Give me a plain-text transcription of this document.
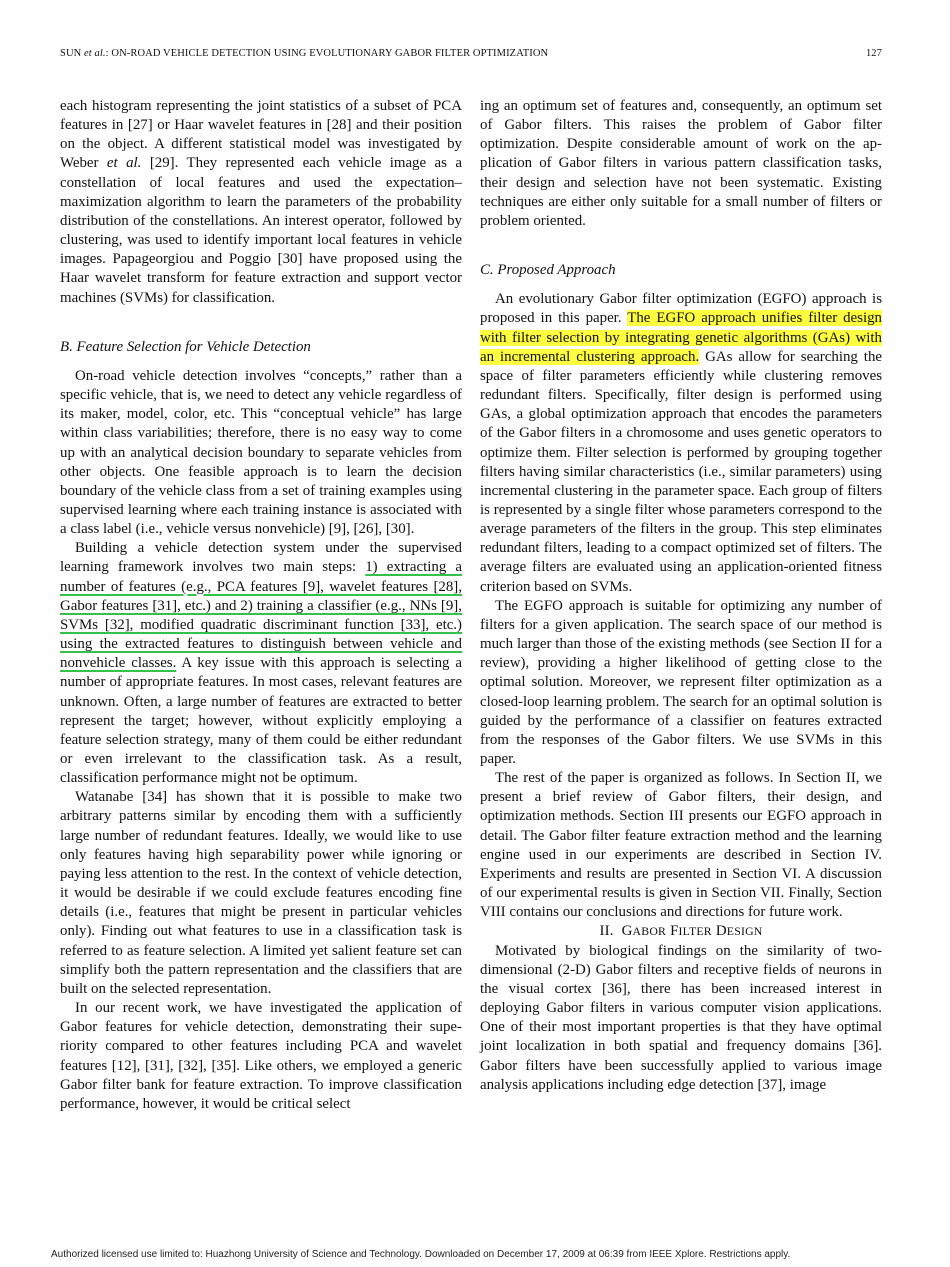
SUN et al.: ON-ROAD VEHICLE DETECTION USING EVOLUTIONARY GABOR FILTER OPTIMIZATION	127

each histogram representing the joint statistics of a subset of PCA features in [27] or Haar wavelet features in [28] and their position on the object. A different statistical model was investigated by Weber et al. [29]. They represented each vehicle image as a constellation of local features and used the expectation–maximization algorithm to learn the parameters of the probability distribution of the constellations. An interest operator, followed by clustering, was used to identify important local features in vehicle images. Papageorgiou and Poggio [30] have proposed using the Haar wavelet transform for feature extraction and support vector machines (SVMs) for classification.

B. Feature Selection for Vehicle Detection

On-road vehicle detection involves “concepts,” rather than a specific vehicle, that is, we need to detect any vehicle regardless of its maker, model, color, etc. This “conceptual vehicle” has large within class variabilities; therefore, there is no easy way to come up with an analytical decision boundary to separate vehicles from other objects. One feasible approach is to learn the decision boundary of the vehicle class from a set of training examples using supervised learning where each training instance is associated with a class label (i.e., vehicle versus nonvehicle) [9], [26], [30].

Building a vehicle detection system under the supervised learning framework involves two main steps: 1) extracting a number of features (e.g., PCA features [9], wavelet features [28], Gabor features [31], etc.) and 2) training a classifier (e.g., NNs [9], SVMs [32], modified quadratic discriminant function [33], etc.) using the extracted features to distinguish between vehicle and nonvehicle classes. A key issue with this approach is selecting a number of appropriate features. In most cases, relevant features are unknown. Often, a large number of features are extracted to better represent the target; however, without explicitly employing a feature selection strategy, many of them could be either redundant or even irrelevant to the classification task. As a result, classification performance might not be optimum.

Watanabe [34] has shown that it is possible to make two arbitrary patterns similar by encoding them with a sufficiently large number of redundant features. Ideally, we would like to use only features having high separability power while ignoring or paying less attention to the rest. In the context of vehicle detection, it would be desirable if we could exclude features encoding fine details (i.e., features that might be present in particular vehicles only). Finding out what features to use in a classification task is referred to as feature selection. A limited yet salient feature set can simplify both the pattern representation and the classifiers that are built on the selected representation.

In our recent work, we have investigated the application of Gabor features for vehicle detection, demonstrating their superiority compared to other features including PCA and wavelet features [12], [31], [32], [35]. Like others, we employed a generic Gabor filter bank for feature extraction. To improve classification performance, however, it would be critical select

ing an optimum set of features and, consequently, an optimum set of Gabor filters. This raises the problem of Gabor filter optimization. Despite considerable amount of work on the application of Gabor filters in various pattern classification tasks, their design and selection have not been systematic. Existing techniques are either only suitable for a small number of filters or problem oriented.

C. Proposed Approach

An evolutionary Gabor filter optimization (EGFO) approach is proposed in this paper. The EGFO approach unifies filter design with filter selection by integrating genetic algorithms (GAs) with an incremental clustering approach. GAs allow for searching the space of filter parameters efficiently while clustering removes redundant filters. Specifically, filter design is performed using GAs, a global optimization approach that encodes the parameters of the Gabor filters in a chromosome and uses genetic operators to optimize them. Filter selection is performed by grouping together filters having similar characteristics (i.e., similar parameters) using incremental clustering in the parameter space. Each group of filters is represented by a single filter whose parameters correspond to the average parameters of the filters in the group. This step eliminates redundant filters, leading to a compact optimized set of filters. The average filters are evaluated using an application-oriented fitness criterion based on SVMs.

The EGFO approach is suitable for optimizing any number of filters for a given application. The search space of our method is much larger than those of the existing methods (see Section II for a review), providing a higher likelihood of getting close to the optimal solution. Moreover, we represent filter optimization as a closed-loop learning problem. The search for an optimal solution is guided by the performance of a classifier on features extracted from the responses of the Gabor filters. We use SVMs in this paper.

The rest of the paper is organized as follows. In Section II, we present a brief review of Gabor filters, their design, and optimization methods. Section III presents our EGFO approach in detail. The Gabor filter feature extraction method and the learning engine used in our experiments are described in Section IV. Experiments and results are presented in Section VI. A discussion of our experimental results is given in Section VII. Finally, Section VIII contains our conclusions and directions for future work.

II. GABOR FILTER DESIGN

Motivated by biological findings on the similarity of two-dimensional (2-D) Gabor filters and receptive fields of neurons in the visual cortex [36], there has been increased interest in deploying Gabor filters in various computer vision applications. One of their most important properties is that they have optimal joint localization in both spatial and frequency domains [36]. Gabor filters have been successfully applied to various image analysis applications including edge detection [37], image

Authorized licensed use limited to: Huazhong University of Science and Technology. Downloaded on December 17, 2009 at 06:39 from IEEE Xplore. Restrictions apply.
